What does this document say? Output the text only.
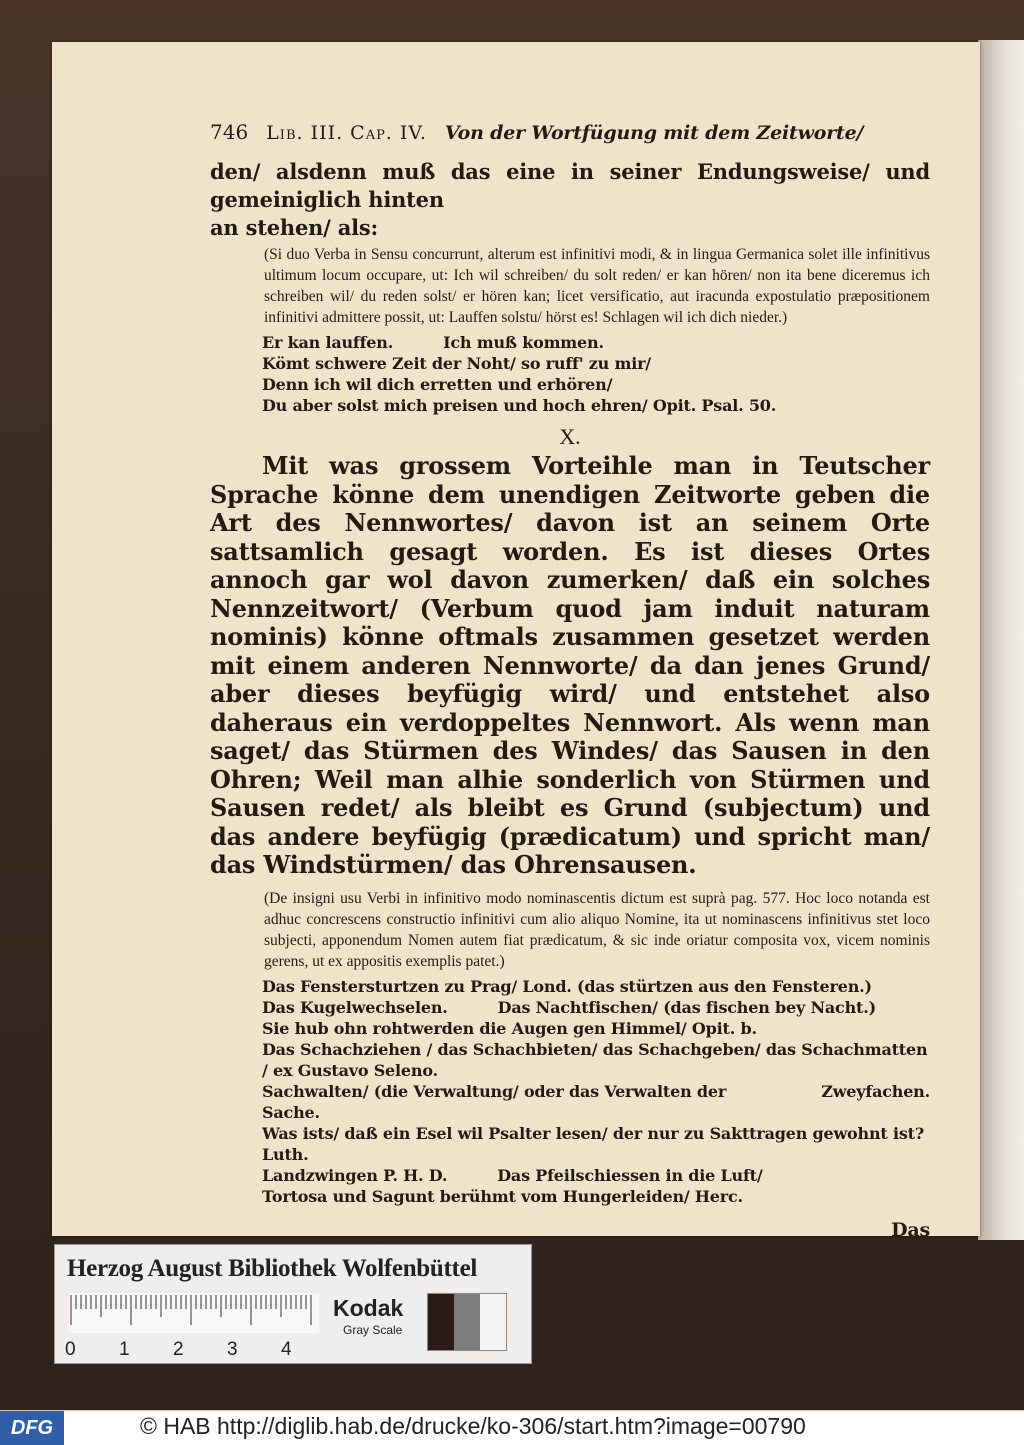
746 Lib. III. Cap. IV. Von der Wortfügung mit dem Zeitworte/
den/ alsdenn muß das eine in seiner Endungsweise/ und gemeiniglich hinten
an stehen/ als:
(Si duo Verba in Sensu concurrunt, alterum est infinitivi modi, & in lingua Germanica solet ille infinitivus ultimum locum occupare, ut: Ich wil schreiben/ du solt reden/ er kan hören/ non ita bene diceremus ich schreiben wil/ du reden solst/ er hören kan; licet versificatio, aut iracunda expostulatio præpositionem infinitivi admittere possit, ut: Lauffen solstu/ hörst es! Schlagen wil ich dich nieder.)
Er kan lauffen.	Ich muß kommen.
Kömt schwere Zeit der Noht/ so ruff' zu mir/
Denn ich wil dich erretten und erhören/
Du aber solst mich preisen und hoch ehren/ Opit. Psal. 50.
X.
Mit was grossem Vorteihle man in Teutscher Sprache könne dem unendigen Zeitworte geben die Art des Nennwortes/ davon ist an seinem Orte sattsamlich gesagt worden. Es ist dieses Ortes annoch gar wol davon zumerken/ daß ein solches Nennzeitwort/ (Verbum quod jam induit naturam nominis) könne oftmals zusammen gesetzet werden mit einem anderen Nennworte/ da dan jenes Grund/ aber dieses beyfügig wird/ und entstehet also daheraus ein verdoppeltes Nennwort. Als wenn man saget/ das Stürmen des Windes/ das Sausen in den Ohren; Weil man alhie sonderlich von Stürmen und Sausen redet/ als bleibt es Grund (subjectum) und das andere beyfügig (prædicatum) und spricht man/ das Windstürmen/ das Ohrensausen.
(De insigni usu Verbi in infinitivo modo nominascentis dictum est suprà pag. 577. Hoc loco notanda est adhuc concrescens constructio infinitivi cum alio aliquo Nomine, ita ut nominascens infinitivus stet loco subjecti, apponendum Nomen autem fiat prædicatum, & sic inde oriatur composita vox, vicem nominis gerens, ut ex appositis exemplis patet.)
Das Fenstersturtzen zu Prag/ Lond. (das stürtzen aus den Fensteren.)
Das Kugelwechselen.	Das Nachtfischen/ (das fischen bey Nacht.)
Sie hub ohn rohtwerden die Augen gen Himmel/ Opit. b.
Das Schachziehen / das Schachbieten/ das Schachgeben/ das Schachmatten / ex Gustavo Seleno.
Sachwalten/ (die Verwaltung/ oder das Verwalten der Sache.
Zweyfachen.
Was ists/ daß ein Esel wil Psalter lesen/ der nur zu Sakttragen gewohnt ist? Luth.
Landzwingen P. H. D.	Das Pfeilschiessen in die Luft/
Tortosa und Sagunt berühmt vom Hungerleiden/ Herc.
Das
Herzog August Bibliothek Wolfenbüttel
0	1	2	3	4
Kodak
Gray Scale
DFG	© HAB http://diglib.hab.de/drucke/ko-306/start.htm?image=00790
